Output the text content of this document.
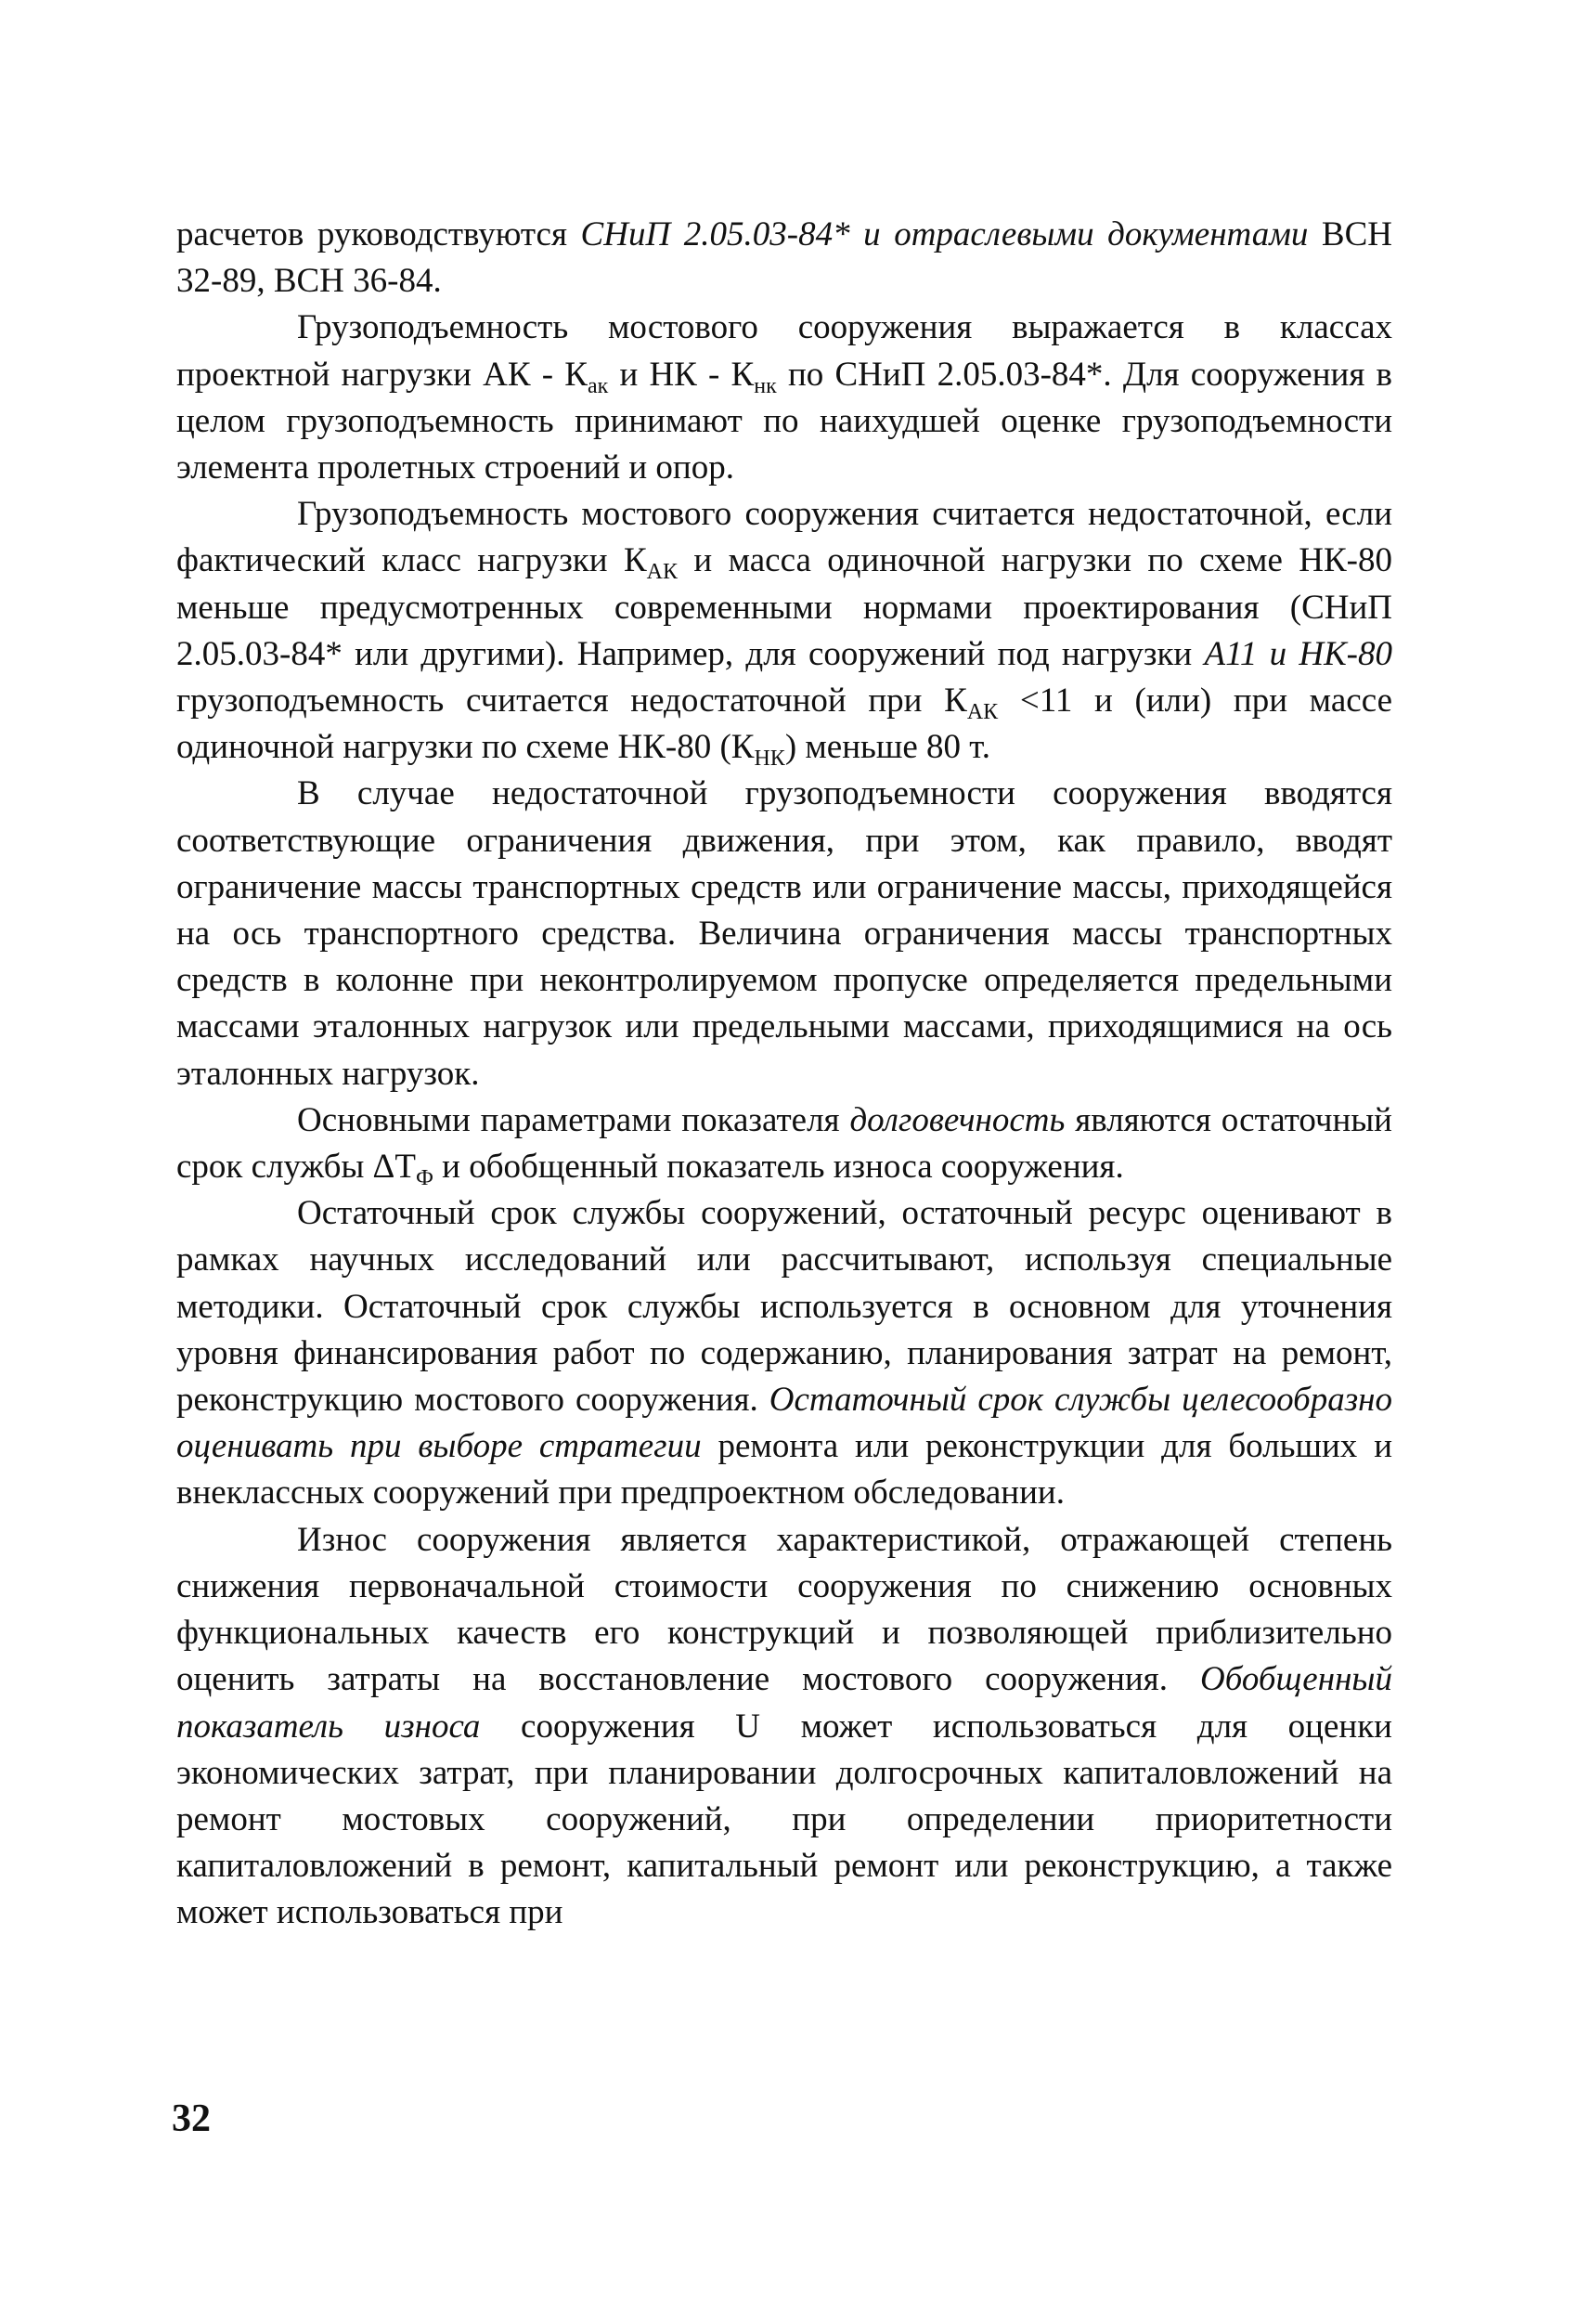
расчетов руководствуются СНиП 2.05.03-84* и отраслевыми документами ВСН 32-89, ВСН 36-84.

Грузоподъемность мостового сооружения выражается в классах проектной нагрузки АК - $К_{ак}$ и НК - $К_{нк}$ по СНиП 2.05.03-84*. Для сооружения в целом грузоподъемность принимают по наихудшей оценке грузоподъемности элемента пролетных строений и опор.

Грузоподъемность мостового сооружения считается недостаточной, если фактический класс нагрузки $К_{АК}$ и масса одиночной нагрузки по схеме НК-80 меньше предусмотренных современными нормами проектирования (СНиП 2.05.03-84* или другими). Например, для сооружений под нагрузки А11 и НК-80 грузоподъемность считается недостаточной при $К_{АК} <11$ и (или) при массе одиночной нагрузки по схеме НК-80 $(К_{НК})$ меньше 80 т.

В случае недостаточной грузоподъемности сооружения вводятся соответствующие ограничения движения, при этом, как правило, вводят ограничение массы транспортных средств или ограничение массы, приходящейся на ось транспортного средства. Величина ограничения массы транспортных средств в колонне при неконтролируемом пропуске определяется предельными массами эталонных нагрузок или предельными массами, приходящимися на ось эталонных нагрузок.

Основными параметрами показателя долговечность являются остаточный срок службы $\Delta Т_Ф$ и обобщенный показатель износа сооружения.

Остаточный срок службы сооружений, остаточный ресурс оценивают в рамках научных исследований или рассчитывают, используя специальные методики. Остаточный срок службы используется в основном для уточнения уровня финансирования работ по содержанию, планирования затрат на ремонт, реконструкцию мостового сооружения. Остаточный срок службы целесообразно оценивать при выборе стратегии ремонта или реконструкции для больших и внеклассных сооружений при предпроектном обследовании.

Износ сооружения является характеристикой, отражающей степень снижения первоначальной стоимости сооружения по снижению основных функциональных качеств его конструкций и позволяющей приблизительно оценить затраты на восстановление мостового сооружения. Обобщенный показатель износа сооружения U может использоваться для оценки экономических затрат, при планировании долгосрочных капиталовложений на ремонт мостовых сооружений, при определении приоритетности капиталовложений в ремонт, капитальный ремонт или реконструкцию, а также может использоваться при

32
